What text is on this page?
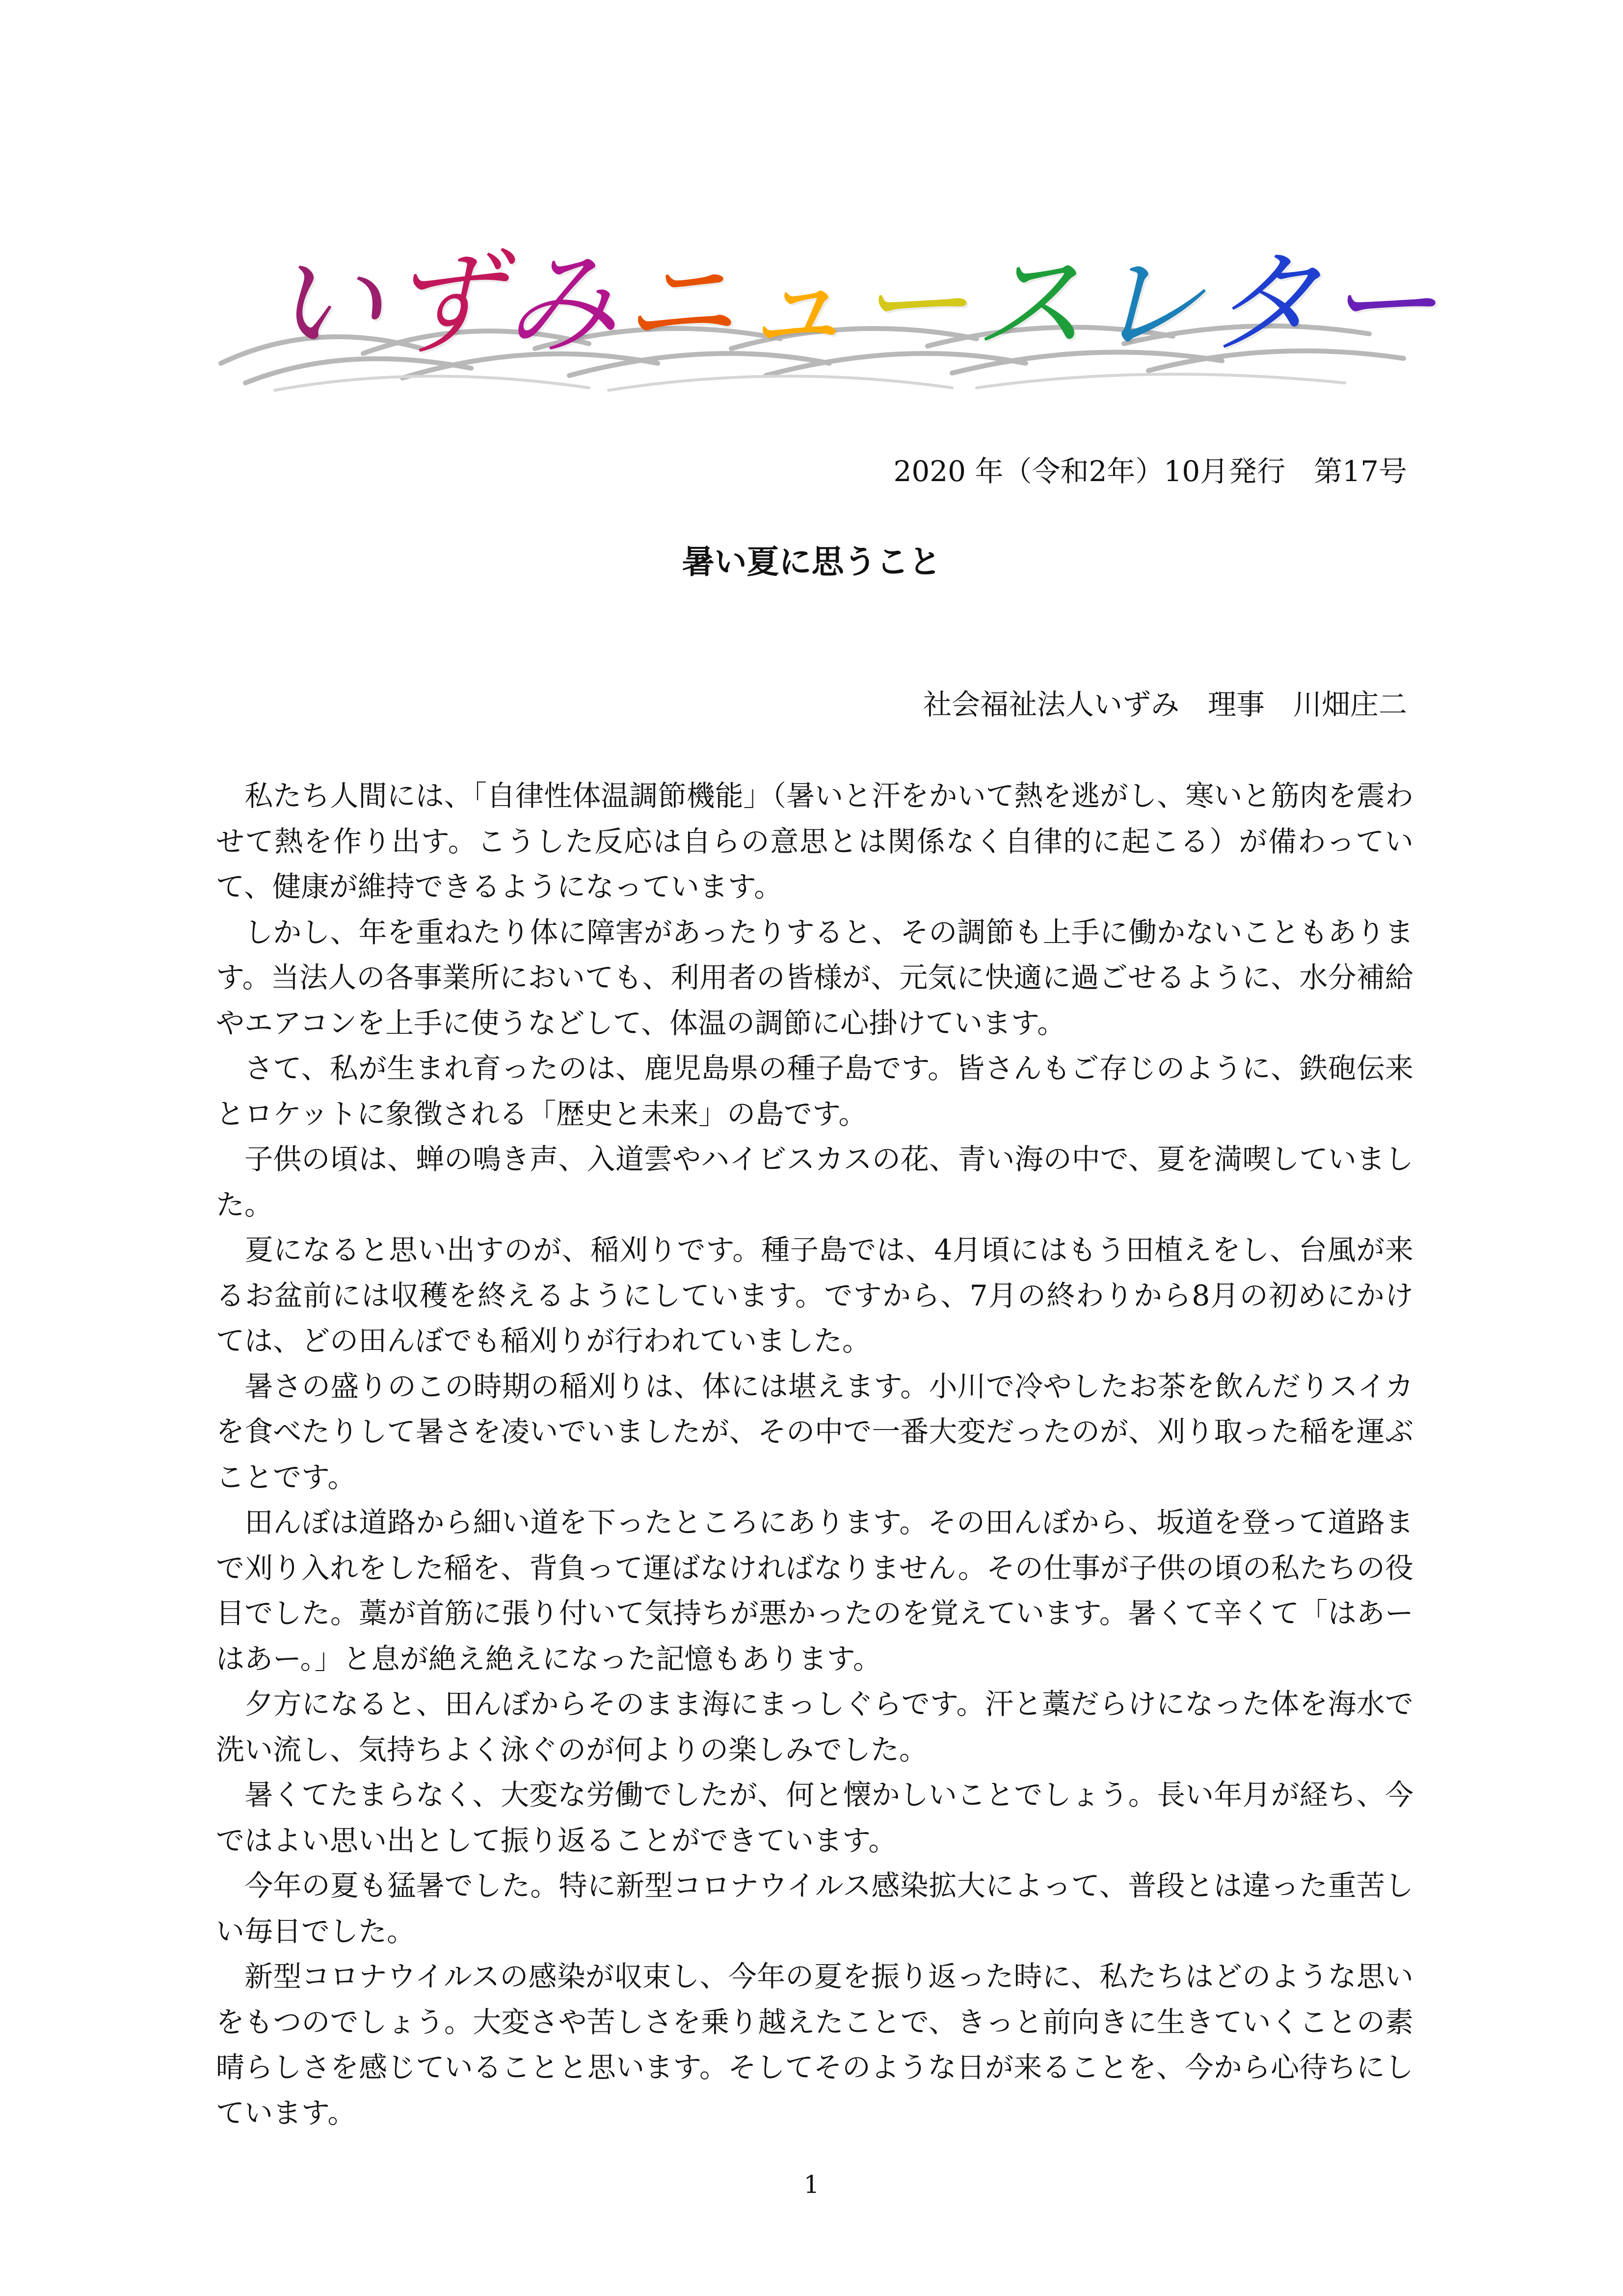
い ず み ニ ュ ー ス レ タ ー
2020 年（令和2年）10月発行　第17号
暑い夏に思うこと
社会福祉法人いずみ　理事　川畑庄二

　私たち人間には、「自律性体温調節機能」（暑いと汗をかいて熱を逃がし、寒いと筋肉を震わせて熱を作り出す。こうした反応は自らの意思とは関係なく自律的に起こる）が備わっていて、健康が維持できるようになっています。

　しかし、年を重ねたり体に障害があったりすると、その調節も上手に働かないこともあります。当法人の各事業所においても、利用者の皆様が、元気に快適に過ごせるように、水分補給やエアコンを上手に使うなどして、体温の調節に心掛けています。

　さて、私が生まれ育ったのは、鹿児島県の種子島です。皆さんもご存じのように、鉄砲伝来とロケットに象徴される「歴史と未来」の島です。

　子供の頃は、蝉の鳴き声、入道雲やハイビスカスの花、青い海の中で、夏を満喫していました。

　夏になると思い出すのが、稲刈りです。種子島では、4月頃にはもう田植えをし、台風が来るお盆前には収穫を終えるようにしています。ですから、7月の終わりから8月の初めにかけては、どの田んぼでも稲刈りが行われていました。

　暑さの盛りのこの時期の稲刈りは、体には堪えます。小川で冷やしたお茶を飲んだりスイカを食べたりして暑さを凌いでいましたが、その中で一番大変だったのが、刈り取った稲を運ぶことです。

　田んぼは道路から細い道を下ったところにあります。その田んぼから、坂道を登って道路まで刈り入れをした稲を、背負って運ばなければなりません。その仕事が子供の頃の私たちの役目でした。藁が首筋に張り付いて気持ちが悪かったのを覚えています。暑くて辛くて「はあーはあー。」と息が絶え絶えになった記憶もあります。

　夕方になると、田んぼからそのまま海にまっしぐらです。汗と藁だらけになった体を海水で洗い流し、気持ちよく泳ぐのが何よりの楽しみでした。

　暑くてたまらなく、大変な労働でしたが、何と懐かしいことでしょう。長い年月が経ち、今ではよい思い出として振り返ることができています。

　今年の夏も猛暑でした。特に新型コロナウイルス感染拡大によって、普段とは違った重苦しい毎日でした。

　新型コロナウイルスの感染が収束し、今年の夏を振り返った時に、私たちはどのような思いをもつのでしょう。大変さや苦しさを乗り越えたことで、きっと前向きに生きていくことの素晴らしさを感じていることと思います。そしてそのような日が来ることを、今から心待ちにしています。

1
